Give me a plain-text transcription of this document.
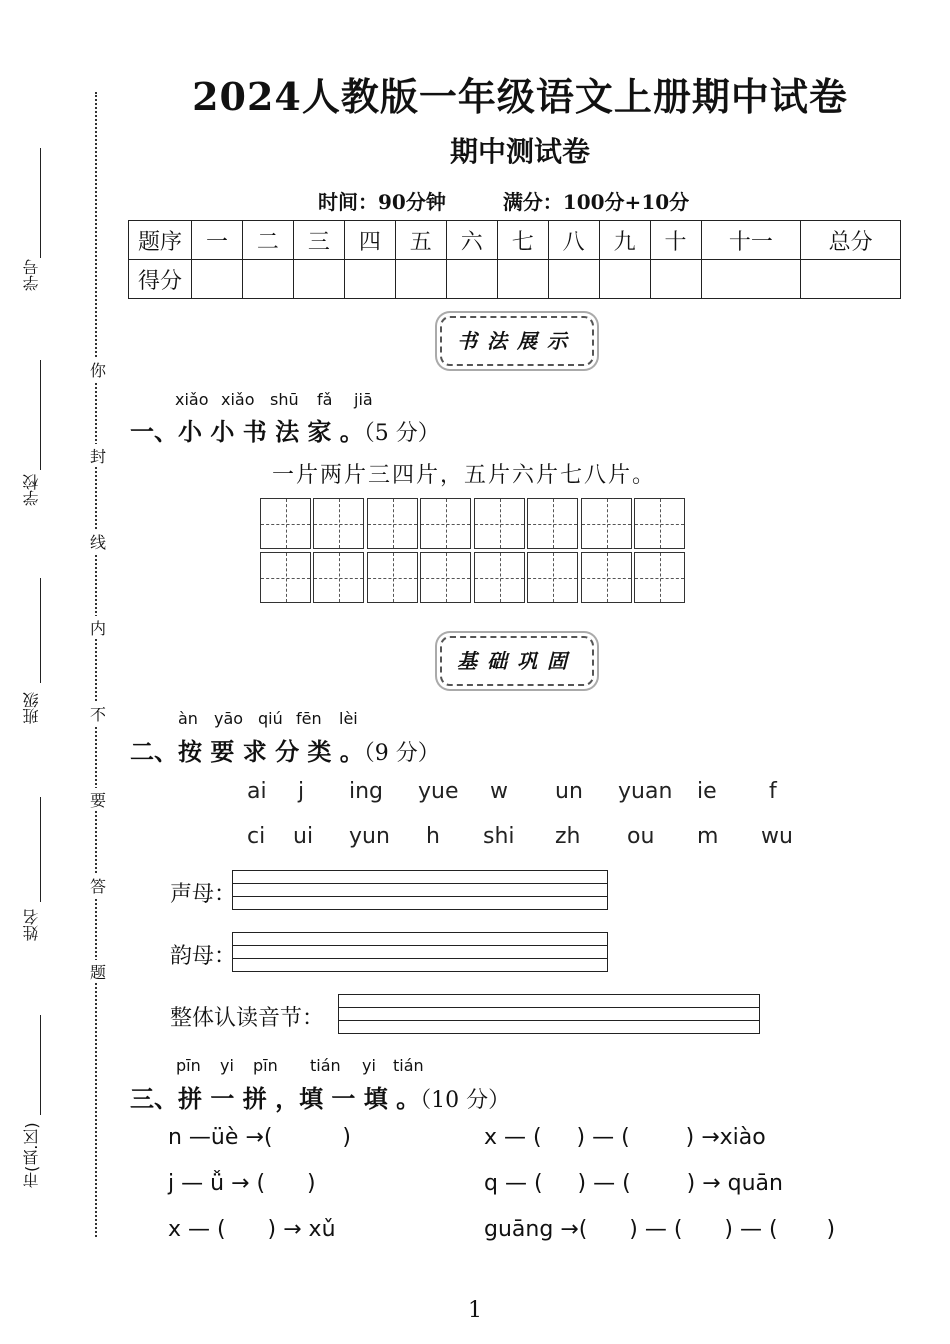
学号
学校
班级
姓名
市(县.区)
你
封
线
内
不
要
答
题
2024人教版一年级语文上册期中试卷
期中测试卷
时间：90分钟	满分：100分+10分
题序	一	二	三	四	五	六	七	八	九	十	十一	总分
得分												
书法展示
xiǎo xiǎo shū fǎ jiā
一、小 小 书 法 家 。（5 分）
一片两片三四片，五片六片七八片。
基础巩固
àn yāo qiú fēn lèi
二、按 要 求 分 类 。（9 分）
ai j ing yue w un yuan ie f
ci ui yun h shi zh ou m wu
声母：
韵母：
整体认读音节：
pīn yi pīn tián yi tián
三、拼 一 拼 ，填 一 填 。（10 分）
n —üè →(          )
j — ǚ → (      )
x — (      ) → xǔ
x — (     ) — (        ) →xiào
q — (     ) — (        ) → quān
guāng →(      ) — (      ) — (       )
1
